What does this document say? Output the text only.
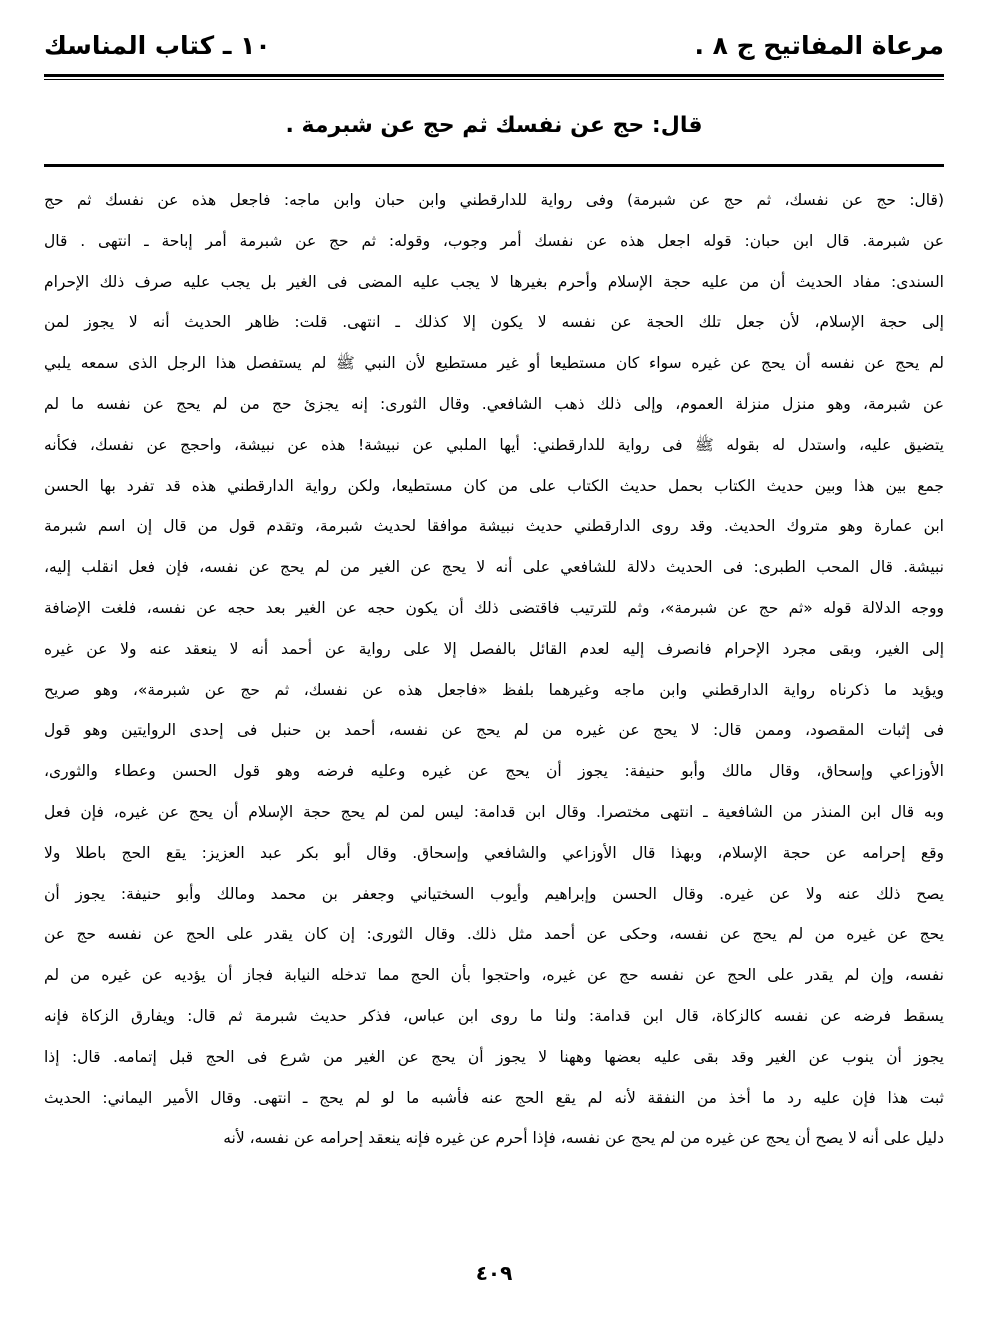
مرعاة المفاتيح ج ٨ .
١٠ ـ كتاب المناسك
قال: حج عن نفسك ثم حج عن شبرمة .
(قال: حج عن نفسك، ثم حج عن شبرمة) وفى رواية للدارقطني وابن حبان وابن ماجه: فاجعل هذه عن نفسك ثم حج
عن شبرمة. قال ابن حبان: قوله اجعل هذه عن نفسك أمر وجوب، وقوله: ثم حج عن شبرمة أمر إباحة ـ انتهى . قال
السندى: مفاد الحديث أن من عليه حجة الإسلام وأحرم بغيرها لا يجب عليه المضى فى الغير بل يجب عليه صرف ذلك الإحرام
إلى حجة الإسلام، لأن جعل تلك الحجة عن نفسه لا يكون إلا كذلك ـ انتهى. قلت: ظاهر الحديث أنه لا يجوز لمن
لم يحج عن نفسه أن يحج عن غيره سواء كان مستطيعا أو غير مستطيع لأن النبي ﷺ لم يستفصل هذا الرجل الذى سمعه يلبي
عن شبرمة، وهو منزل منزلة العموم، وإلى ذلك ذهب الشافعي. وقال الثورى: إنه يجزئ حج من لم يحج عن نفسه ما لم
يتضيق عليه، واستدل له بقوله ﷺ فى رواية للدارقطني: أيها الملبي عن نبيشة! هذه عن نبيشة، واحجج عن نفسك، فكأنه
جمع بين هذا وبين حديث الكتاب بحمل حديث الكتاب على من كان مستطيعا، ولكن رواية الدارقطني هذه قد تفرد بها الحسن
ابن عمارة وهو متروك الحديث. وقد روى الدارقطني حديث نبيشة موافقا لحديث شبرمة، وتقدم قول من قال إن اسم شبرمة
نبيشة. قال المحب الطبرى: فى الحديث دلالة للشافعي على أنه لا يحج عن الغير من لم يحج عن نفسه، فإن فعل انقلب إليه،
ووجه الدلالة قوله «ثم حج عن شبرمة»، وثم للترتيب فاقتضى ذلك أن يكون حجه عن الغير بعد حجه عن نفسه، فلغت الإضافة
إلى الغير، وبقى مجرد الإحرام فانصرف إليه لعدم القائل بالفصل إلا على رواية عن أحمد أنه لا ينعقد عنه ولا عن غيره
ويؤيد ما ذكرناه رواية الدارقطني وابن ماجه وغيرهما بلفظ «فاجعل هذه عن نفسك، ثم حج عن شبرمة»، وهو صريح
فى إثبات المقصود، وممن قال: لا يحج عن غيره من لم يحج عن نفسه، أحمد بن حنبل فى إحدى الروايتين وهو قول
الأوزاعي وإسحاق، وقال مالك وأبو حنيفة: يجوز أن يحج عن غيره وعليه فرضه وهو قول الحسن وعطاء والثورى،
وبه قال ابن المنذر من الشافعية ـ انتهى مختصرا. وقال ابن قدامة: ليس لمن لم يحج حجة الإسلام أن يحج عن غيره، فإن فعل
وقع إحرامه عن حجة الإسلام، وبهذا قال الأوزاعي والشافعي وإسحاق. وقال أبو بكر عبد العزيز: يقع الحج باطلا ولا
يصح ذلك عنه ولا عن غيره. وقال الحسن وإبراهيم وأيوب السختياني وجعفر بن محمد ومالك وأبو حنيفة: يجوز أن
يحج عن غيره من لم يحج عن نفسه، وحكى عن أحمد مثل ذلك. وقال الثورى: إن كان يقدر على الحج عن نفسه حج عن
نفسه، وإن لم يقدر على الحج عن نفسه حج عن غيره، واحتجوا بأن الحج مما تدخله النيابة فجاز أن يؤديه عن غيره من لم
يسقط فرضه عن نفسه كالزكاة، قال ابن قدامة: ولنا ما روى ابن عباس، فذكر حديث شبرمة ثم قال: ويفارق الزكاة فإنه
يجوز أن ينوب عن الغير وقد بقى عليه بعضها وههنا لا يجوز أن يحج عن الغير من شرع فى الحج قبل إتمامه. قال: إذا
ثبت هذا فإن عليه رد ما أخذ من النفقة لأنه لم يقع الحج عنه فأشبه ما لو لم يحج ـ انتهى. وقال الأمير اليماني: الحديث
دليل على أنه لا يصح أن يحج عن غيره من لم يحج عن نفسه، فإذا أحرم عن غيره فإنه ينعقد إحرامه عن نفسه، لأنه
٤٠٩
